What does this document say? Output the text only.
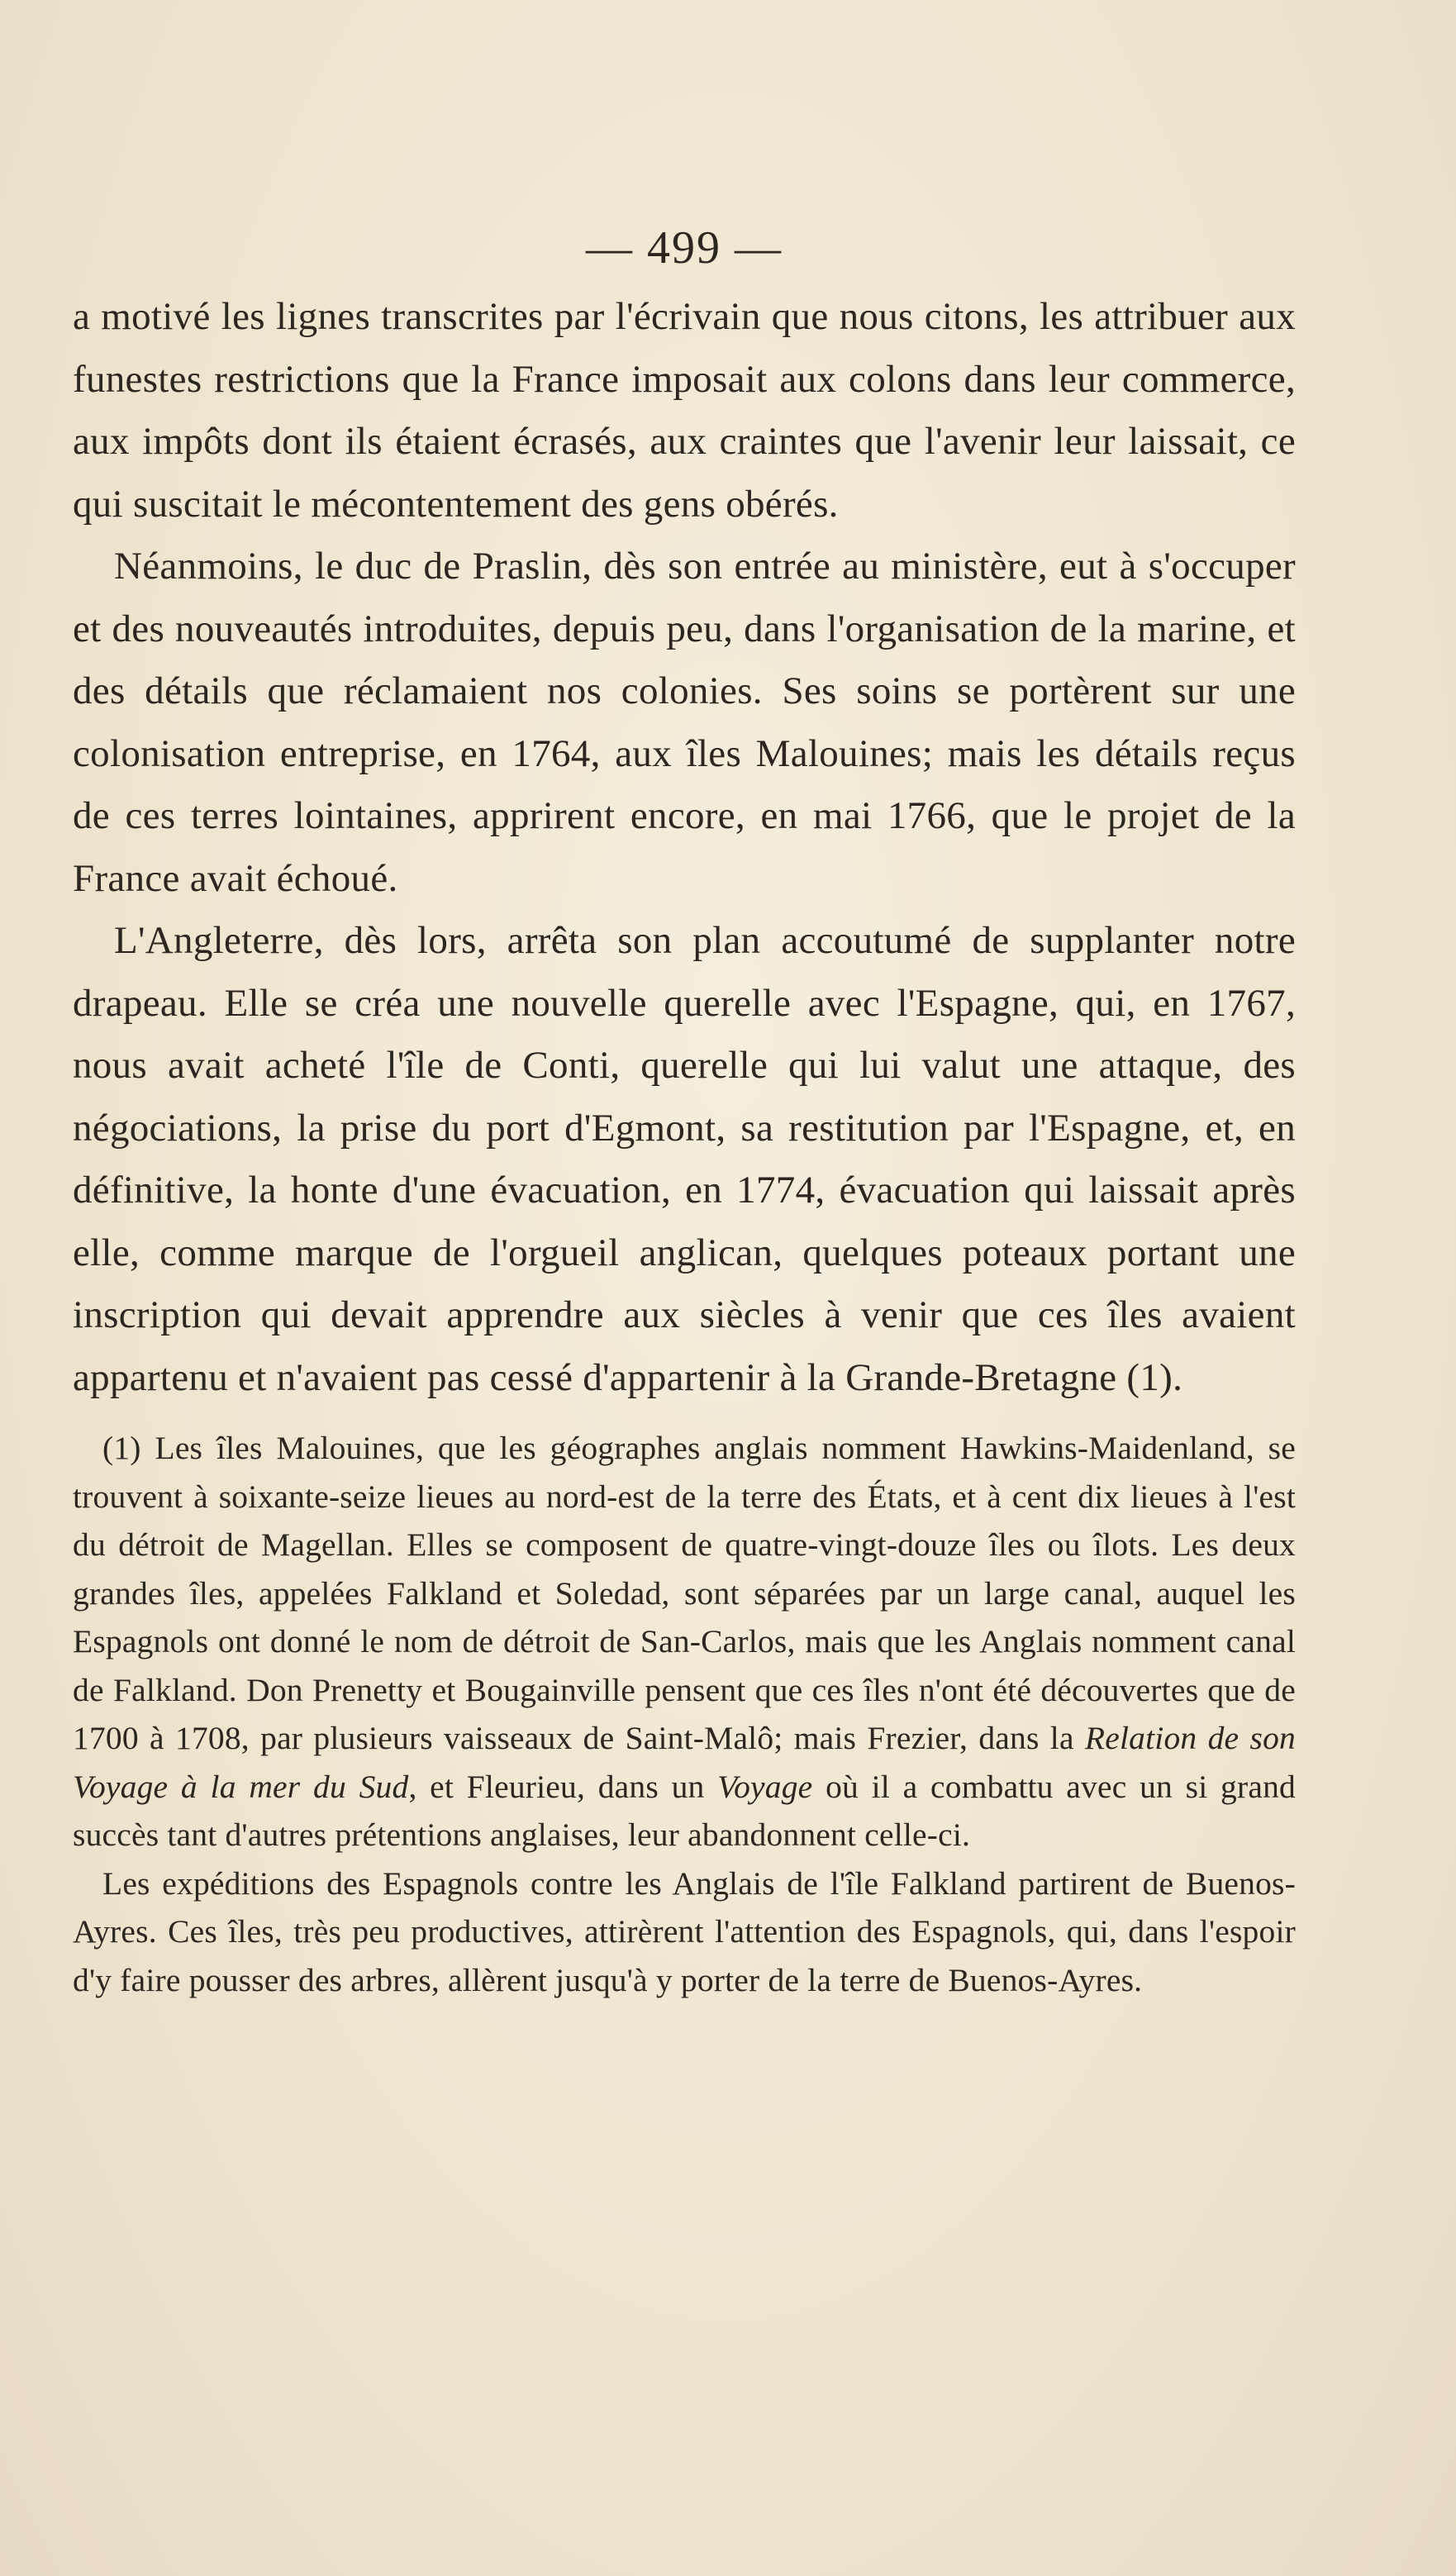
— 499 —

a motivé les lignes transcrites par l'écrivain que nous citons, les attribuer aux funestes restrictions que la France imposait aux colons dans leur commerce, aux impôts dont ils étaient écrasés, aux craintes que l'avenir leur laissait, ce qui suscitait le mécontentement des gens obérés.

Néanmoins, le duc de Praslin, dès son entrée au ministère, eut à s'occuper et des nouveautés introduites, depuis peu, dans l'organisation de la marine, et des détails que réclamaient nos colonies. Ses soins se portèrent sur une colonisation entreprise, en 1764, aux îles Malouines; mais les détails reçus de ces terres lointaines, apprirent encore, en mai 1766, que le projet de la France avait échoué.

L'Angleterre, dès lors, arrêta son plan accoutumé de supplanter notre drapeau. Elle se créa une nouvelle querelle avec l'Espagne, qui, en 1767, nous avait acheté l'île de Conti, querelle qui lui valut une attaque, des négociations, la prise du port d'Egmont, sa restitution par l'Espagne, et, en définitive, la honte d'une évacuation, en 1774, évacuation qui laissait après elle, comme marque de l'orgueil anglican, quelques poteaux portant une inscription qui devait apprendre aux siècles à venir que ces îles avaient appartenu et n'avaient pas cessé d'appartenir à la Grande-Bretagne (1).

(1) Les îles Malouines, que les géographes anglais nomment Hawkins-Maidenland, se trouvent à soixante-seize lieues au nord-est de la terre des États, et à cent dix lieues à l'est du détroit de Magellan. Elles se composent de quatre-vingt-douze îles ou îlots. Les deux grandes îles, appelées Falkland et Soledad, sont séparées par un large canal, auquel les Espagnols ont donné le nom de détroit de San-Carlos, mais que les Anglais nomment canal de Falkland. Don Prenetty et Bougainville pensent que ces îles n'ont été découvertes que de 1700 à 1708, par plusieurs vaisseaux de Saint-Malô; mais Frezier, dans la Relation de son Voyage à la mer du Sud, et Fleurieu, dans un Voyage où il a combattu avec un si grand succès tant d'autres prétentions anglaises, leur abandonnent celle-ci.

Les expéditions des Espagnols contre les Anglais de l'île Falkland partirent de Buenos-Ayres. Ces îles, très peu productives, attirèrent l'attention des Espagnols, qui, dans l'espoir d'y faire pousser des arbres, allèrent jusqu'à y porter de la terre de Buenos-Ayres.
